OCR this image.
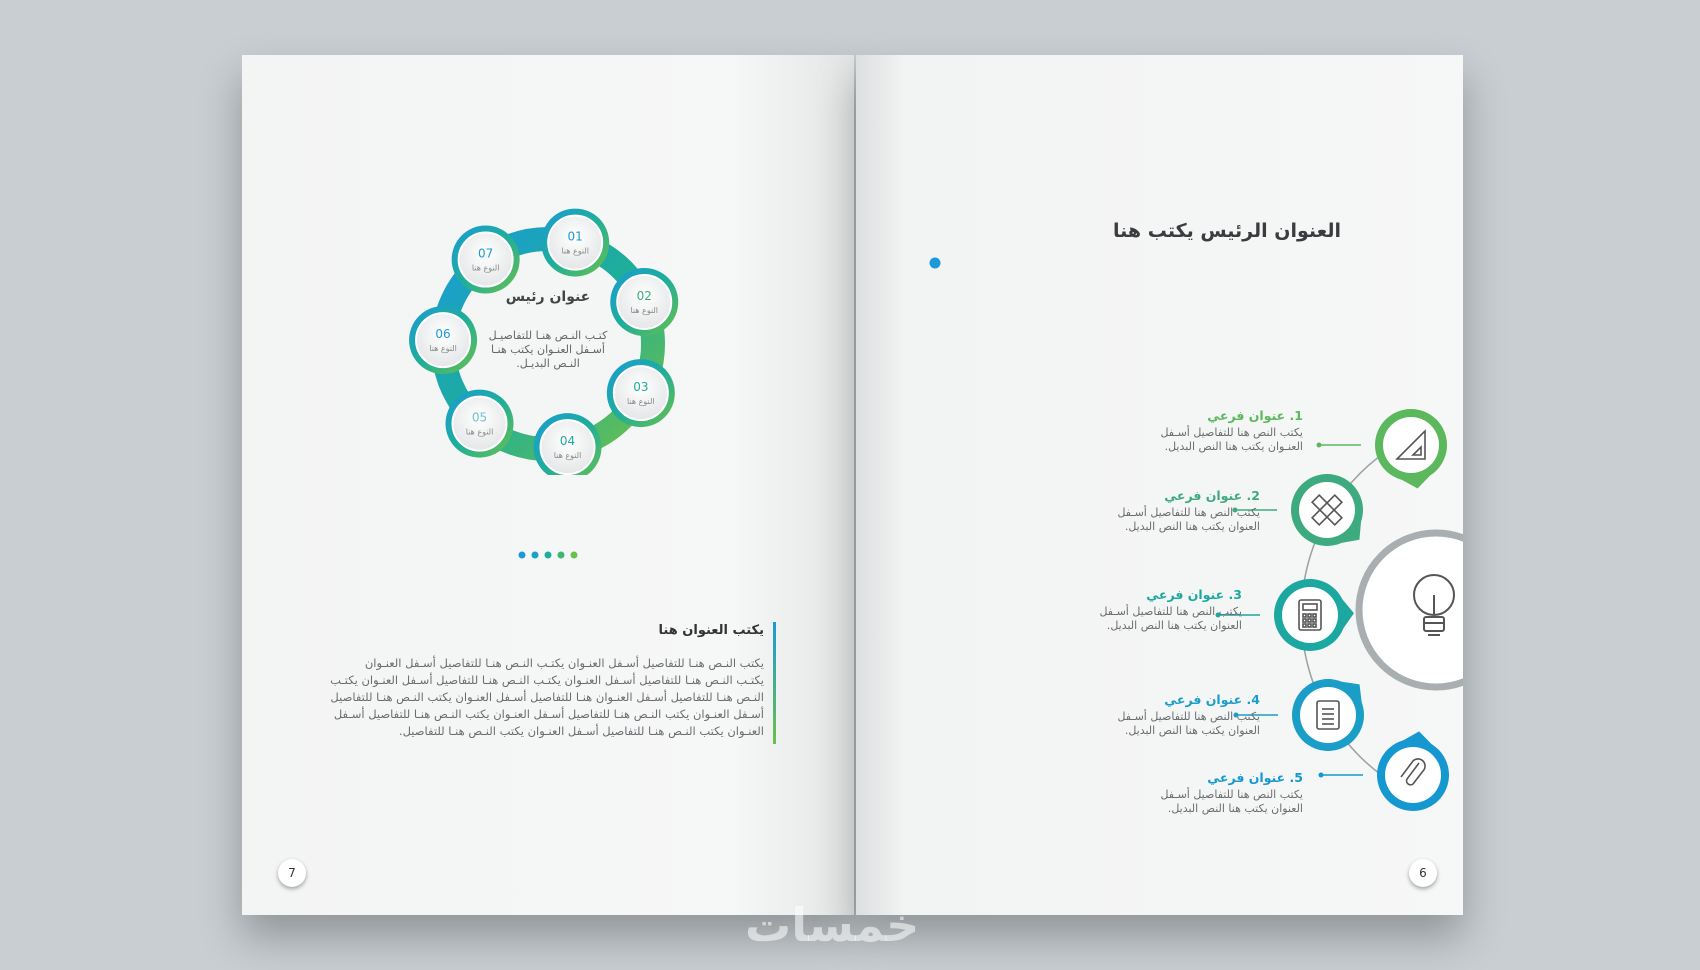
01
النوع هنا
02
النوع هنا
03
النوع هنا
04
النوع هنا
05
النوع هنا
06
النوع هنا
07
النوع هنا
عنوان رئيس
كتـب النـص هنـا للتفاصيـل
أسـفل العنـوان يكتب هنـا
النـص البديـل.

يكتب العنوان هنا

يكتب النـص هنـا للتفاصيل أسـفل العنـوان يكتـب النـص هنـا للتفاصيل أسـفل العنـوان

يكتـب النـص هنـا للتفاصيل أسـفل العنـوان يكتـب النـص هنـا للتفاصيل أسـفل العنـوان يكتـب

النـص هنـا للتفاصيل أسـفل العنـوان هنـا للتفاصيل أسـفل العنـوان يكتب النـص هنـا للتفاصيل

أسـفل العنـوان يكتب النـص هنـا للتفاصيل أسـفل العنـوان يكتب النـص هنـا للتفاصيل أسـفل

العنـوان يكتب النـص هنـا للتفاصيل أسـفل العنـوان يكتب النـص هنـا للتفاصيل.

7

العنوان الرئيس يكتب هنا

1. عنوان فرعي

يكتب النص هنا للتفاصيل أسـفل

العنـوان يكتب هنا النص البديل.

2. عنوان فرعي

يكتب النص هنا للتفاصيل أسـفل

العنوان يكتب هنا النص البديل.

3. عنوان فرعي

يكتب النص هنا للتفاصيل أسـفل

العنوان يكتب هنا النص البديل.

4. عنوان فرعي

يكتب النص هنا للتفاصيل أسـفل

العنوان يكتب هنا النص البديل.

5. عنوان فرعي

يكتب النص هنا للتفاصيل أسـفل

العنوان يكتب هنا النص البديل.

6
خمسات
